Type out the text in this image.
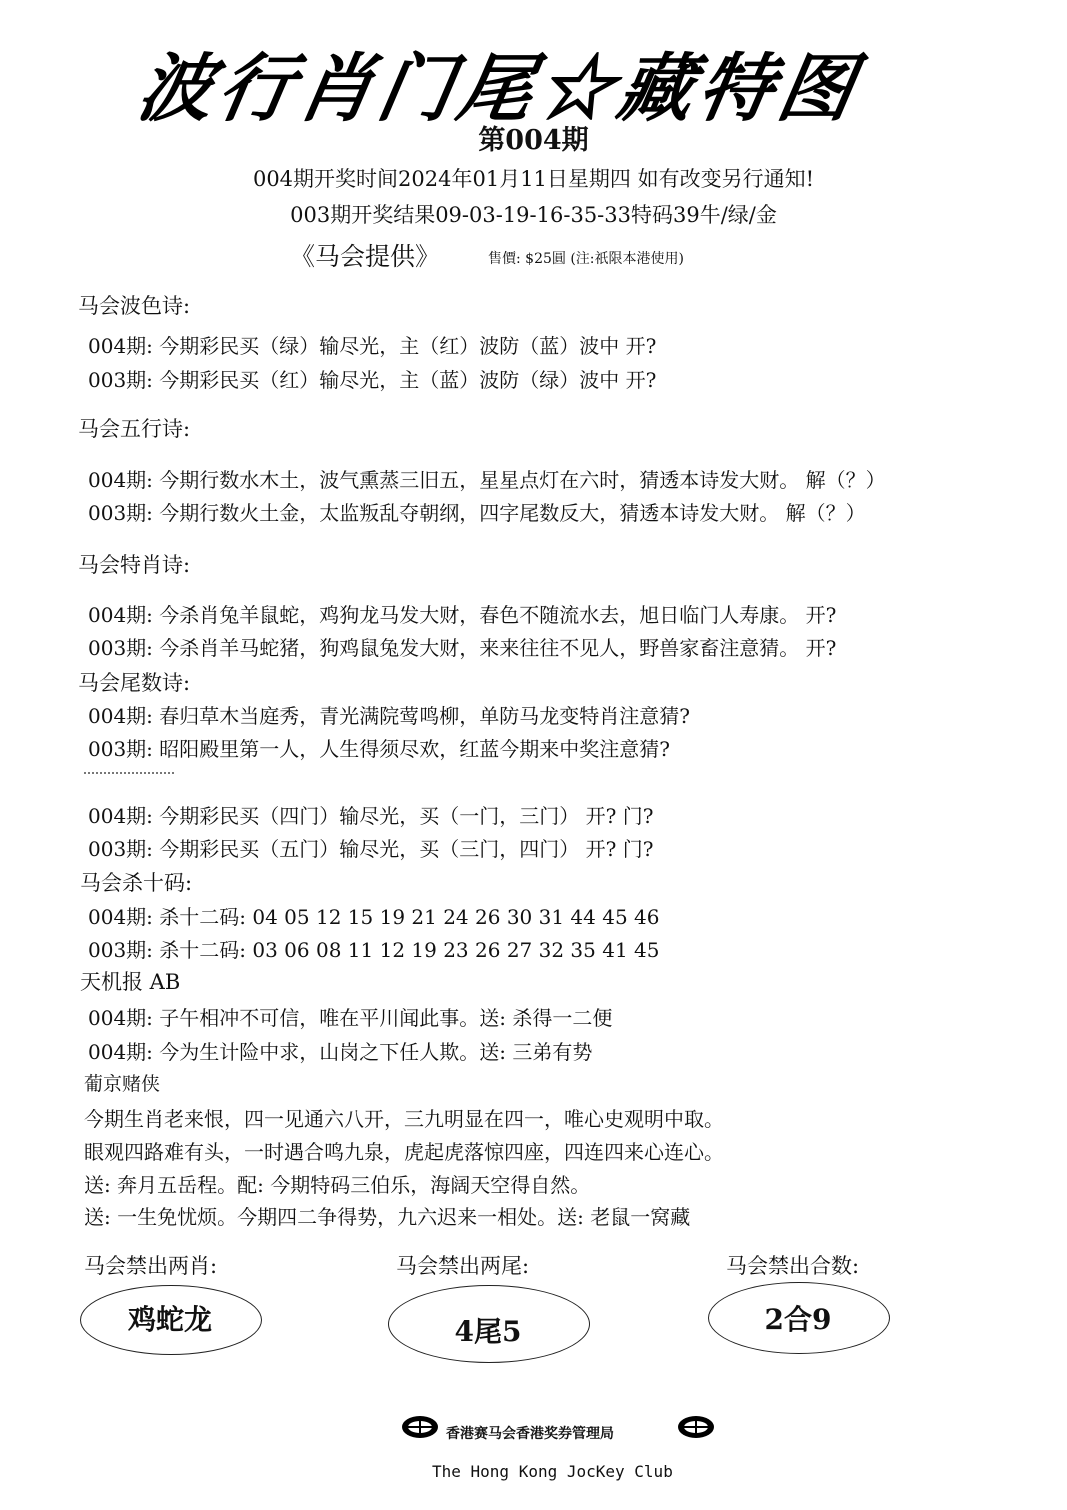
波行肖门尾☆藏特图
第004期
004期开奖时间2024年01月11日星期四 如有改变另行通知!
003期开奖结果09-03-19-16-35-33特码39牛/绿/金
《马会提供》	售價: $25圓 (注:祇限本港使用)
马会波色诗:
004期: 今期彩民买（绿）输尽光，主（红）波防（蓝）波中 开?
003期: 今期彩民买（红）输尽光，主（蓝）波防（绿）波中 开?
马会五行诗:
004期: 今期行数水木土，波气熏蒸三旧五，星星点灯在六时，猜透本诗发大财。 解（？）
003期: 今期行数火土金，太监叛乱夺朝纲，四字尾数反大，猜透本诗发大财。 解（？）
马会特肖诗:
004期: 今杀肖兔羊鼠蛇，鸡狗龙马发大财，春色不随流水去，旭日临门人寿康。 开?
003期: 今杀肖羊马蛇猪，狗鸡鼠兔发大财，来来往往不见人，野兽家畜注意猜。 开?
马会尾数诗:
004期: 春归草木当庭秀，青光满院莺鸣柳，单防马龙变特肖注意猜?
003期: 昭阳殿里第一人，人生得须尽欢，红蓝今期来中奖注意猜?
004期: 今期彩民买（四门）输尽光，买（一门，三门） 开? 门?
003期: 今期彩民买（五门）输尽光，买（三门，四门） 开? 门?
马会杀十码:
004期: 杀十二码: 04 05 12 15 19 21 24 26 30 31 44 45 46
003期: 杀十二码: 03 06 08 11 12 19 23 26 27 32 35 41 45
天机报 AB
004期: 子午相冲不可信，唯在平川闻此事。送: 杀得一二便
004期: 今为生计险中求，山岗之下任人欺。送: 三弟有势
葡京赌侠
今期生肖老来恨，四一见通六八开，三九明显在四一，唯心史观明中取。
眼观四路难有头，一时遇合鸣九泉，虎起虎落惊四座，四连四来心连心。
送: 奔月五岳程。配: 今期特码三伯乐，海阔天空得自然。
送: 一生免忧烦。今期四二争得势，九六迟来一相处。送: 老鼠一窝藏
马会禁出两肖:	马会禁出两尾:	马会禁出合数:
鸡蛇龙	4尾5	2合9
香港赛马会香港奖券管理局
The Hong Kong JocKey Club
